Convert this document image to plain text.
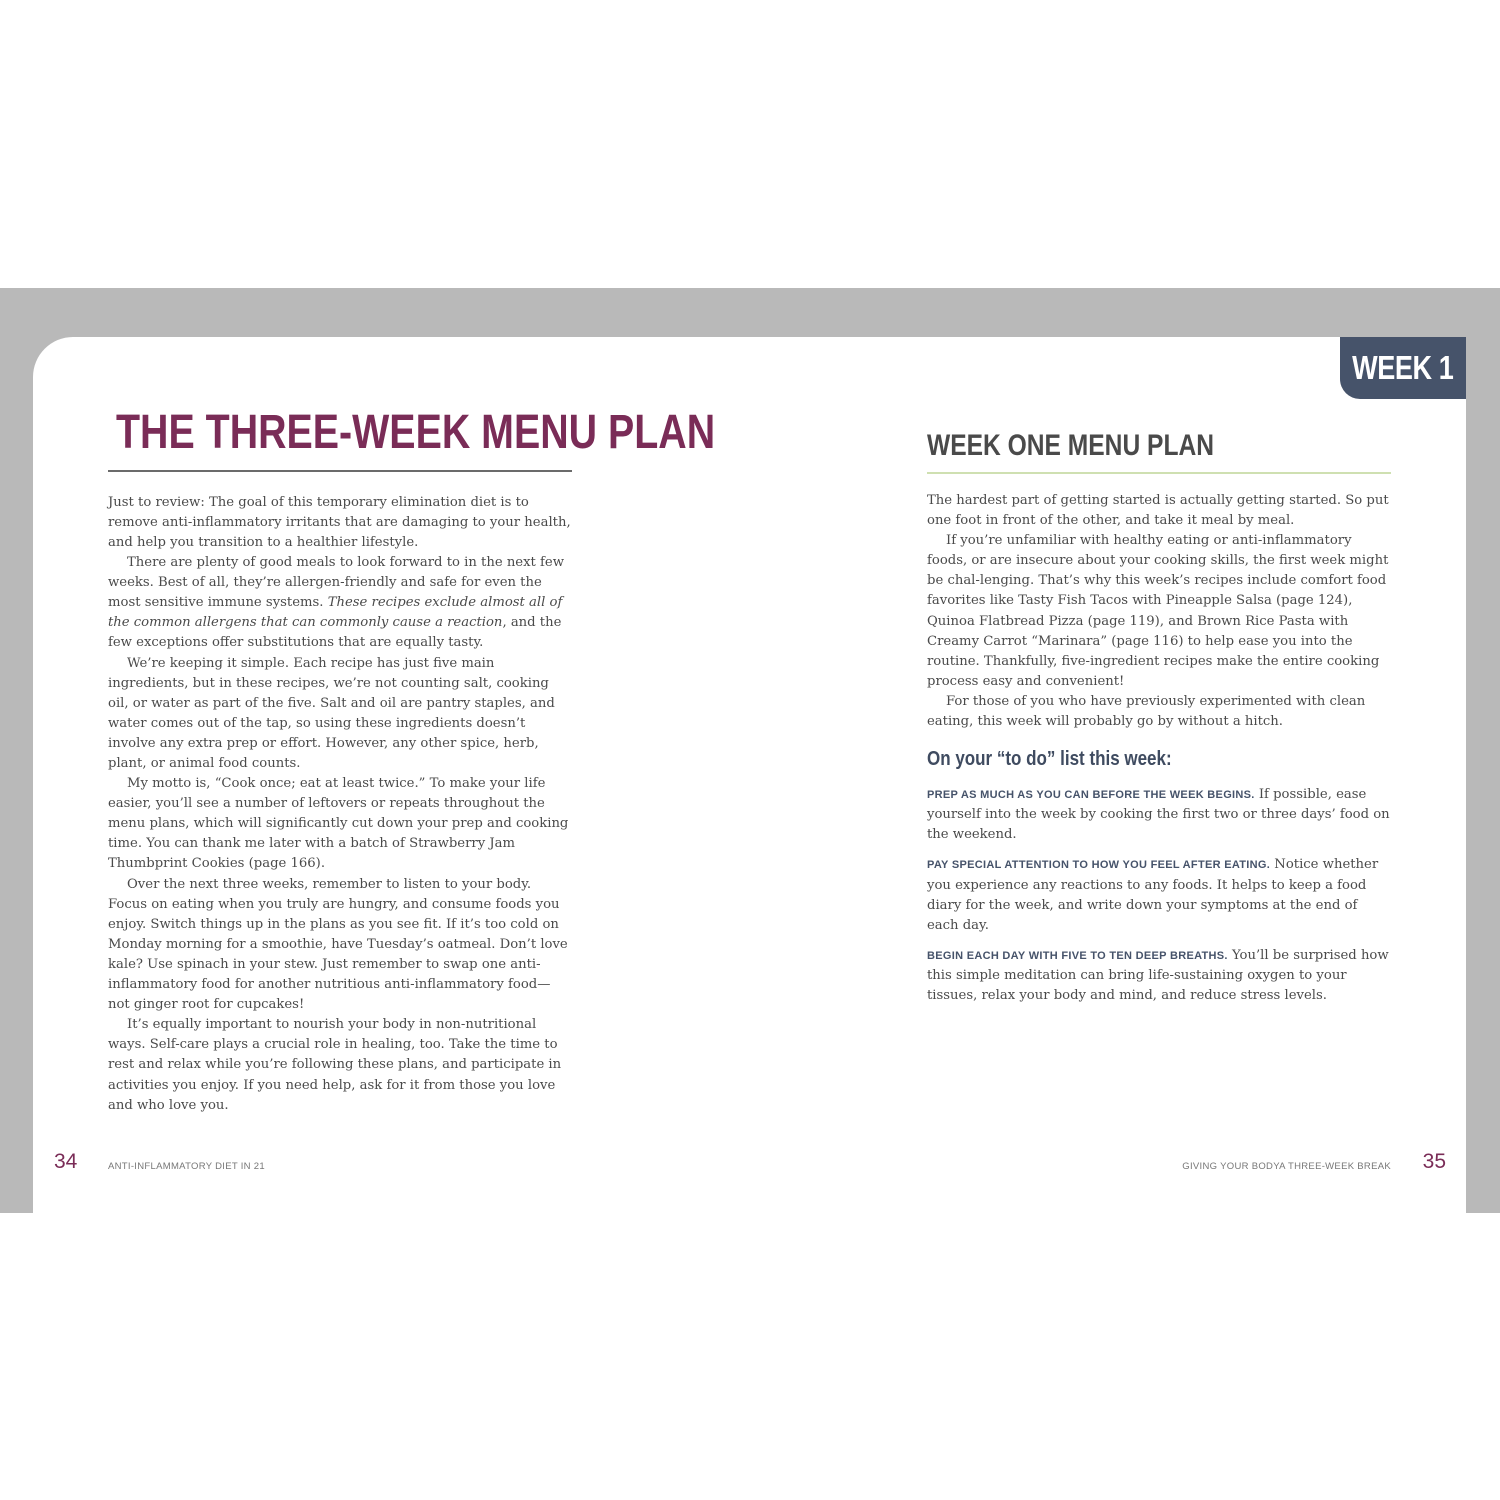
WEEK 1
THE THREE-WEEK MENU PLAN

Just to review: The goal of this temporary elimination diet is to remove anti-inflammatory irritants that are damaging to your health, and help you transition to a healthier lifestyle.

There are plenty of good meals to look forward to in the next few weeks. Best of all, they’re allergen-friendly and safe for even the most sensitive immune systems. These recipes exclude almost all of the common allergens that can commonly cause a reaction, and the few exceptions offer substitutions that are equally tasty.

We’re keeping it simple. Each recipe has just five main ingredients, but in these recipes, we’re not counting salt, cooking oil, or water as part of the five. Salt and oil are pantry staples, and water comes out of the tap, so using these ingredients doesn’t involve any extra prep or effort. However, any other spice, herb, plant, or animal food counts.

My motto is, “Cook once; eat at least twice.” To make your life easier, you’ll see a number of leftovers or repeats throughout the menu plans, which will significantly cut down your prep and cooking time. You can thank me later with a batch of Strawberry Jam Thumbprint Cookies (page 166).

Over the next three weeks, remember to listen to your body. Focus on eating when you truly are hungry, and consume foods you enjoy. Switch things up in the plans as you see fit. If it’s too cold on Monday morning for a smoothie, have Tuesday’s oatmeal. Don’t love kale? Use spinach in your stew. Just remember to swap one anti-inflammatory food for another nutritious anti-inflammatory food—not ginger root for cupcakes!

It’s equally important to nourish your body in non-nutritional ways. Self-care plays a crucial role in healing, too. Take the time to rest and relax while you’re following these plans, and participate in activities you enjoy. If you need help, ask for it from those you love and who love you.

WEEK ONE MENU PLAN

The hardest part of getting started is actually getting started. So put one foot in front of the other, and take it meal by meal.

If you’re unfamiliar with healthy eating or anti-inflammatory foods, or are insecure about your cooking skills, the first week might be chal-lenging. That’s why this week’s recipes include comfort food favorites like Tasty Fish Tacos with Pineapple Salsa (page 124), Quinoa Flatbread Pizza (page 119), and Brown Rice Pasta with Creamy Carrot “Marinara” (page 116) to help ease you into the routine. Thankfully, five-ingredient recipes make the entire cooking process easy and convenient!

For those of you who have previously experimented with clean eating, this week will probably go by without a hitch.

On your “to do” list this week:

PREP AS MUCH AS YOU CAN BEFORE THE WEEK BEGINS. If possible, ease yourself into the week by cooking the first two or three days’ food on the weekend.

PAY SPECIAL ATTENTION TO HOW YOU FEEL AFTER EATING. Notice whether you experience any reactions to any foods. It helps to keep a food diary for the week, and write down your symptoms at the end of each day.

BEGIN EACH DAY WITH FIVE TO TEN DEEP BREATHS. You’ll be surprised how this simple meditation can bring life-sustaining oxygen to your tissues, relax your body and mind, and reduce stress levels.

34	ANTI-INFLAMMATORY DIET IN 21	GIVING YOUR BODYA THREE-WEEK BREAK 35
